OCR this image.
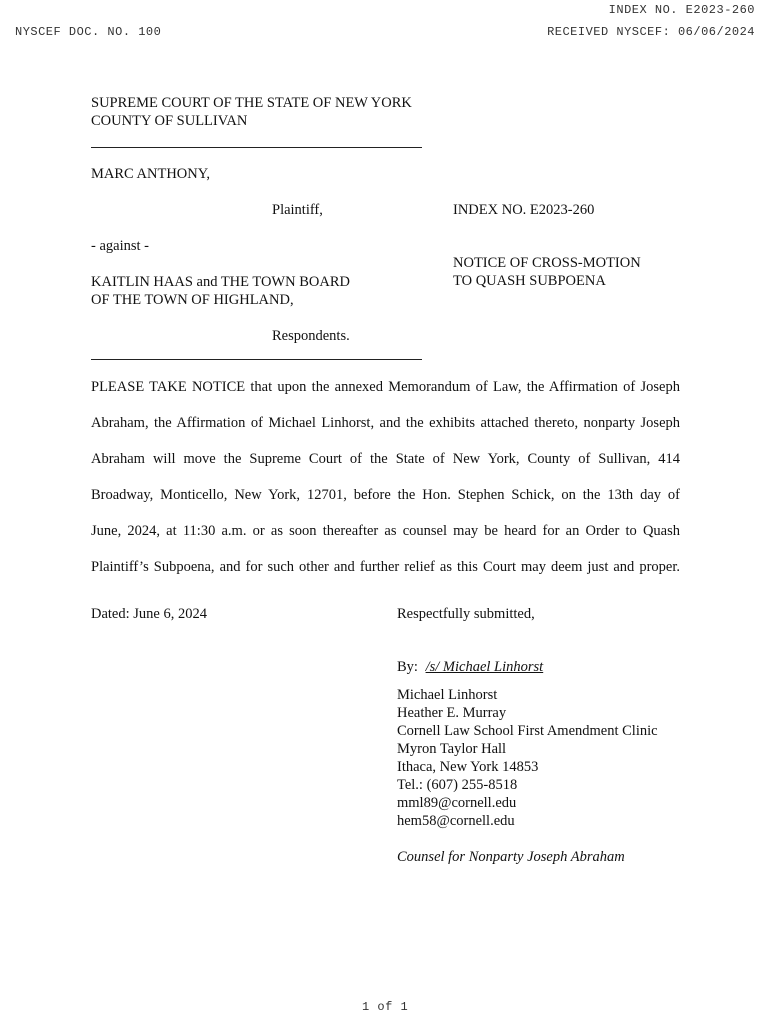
INDEX NO. E2023-260
NYSCEF DOC. NO. 100	RECEIVED NYSCEF: 06/06/2024
SUPREME COURT OF THE STATE OF NEW YORK
COUNTY OF SULLIVAN
MARC ANTHONY,
Plaintiff,
- against -
KAITLIN HAAS and THE TOWN BOARD
OF THE TOWN OF HIGHLAND,
Respondents.
INDEX NO. E2023-260
NOTICE OF CROSS-MOTION
TO QUASH SUBPOENA
PLEASE TAKE NOTICE that upon the annexed Memorandum of Law, the Affirmation of Joseph
Abraham, the Affirmation of Michael Linhorst, and the exhibits attached thereto, nonparty Joseph
Abraham will move the Supreme Court of the State of New York, County of Sullivan, 414
Broadway, Monticello, New York, 12701, before the Hon. Stephen Schick, on the 13th day of
June, 2024, at 11:30 a.m. or as soon thereafter as counsel may be heard for an Order to Quash
Plaintiff’s Subpoena, and for such other and further relief as this Court may deem just and proper.
Dated: June 6, 2024	Respectfully submitted,
By: /s/ Michael Linhorst
Michael Linhorst
Heather E. Murray
Cornell Law School First Amendment Clinic
Myron Taylor Hall
Ithaca, New York 14853
Tel.: (607) 255-8518
mml89@cornell.edu
hem58@cornell.edu
Counsel for Nonparty Joseph Abraham
1 of 1
